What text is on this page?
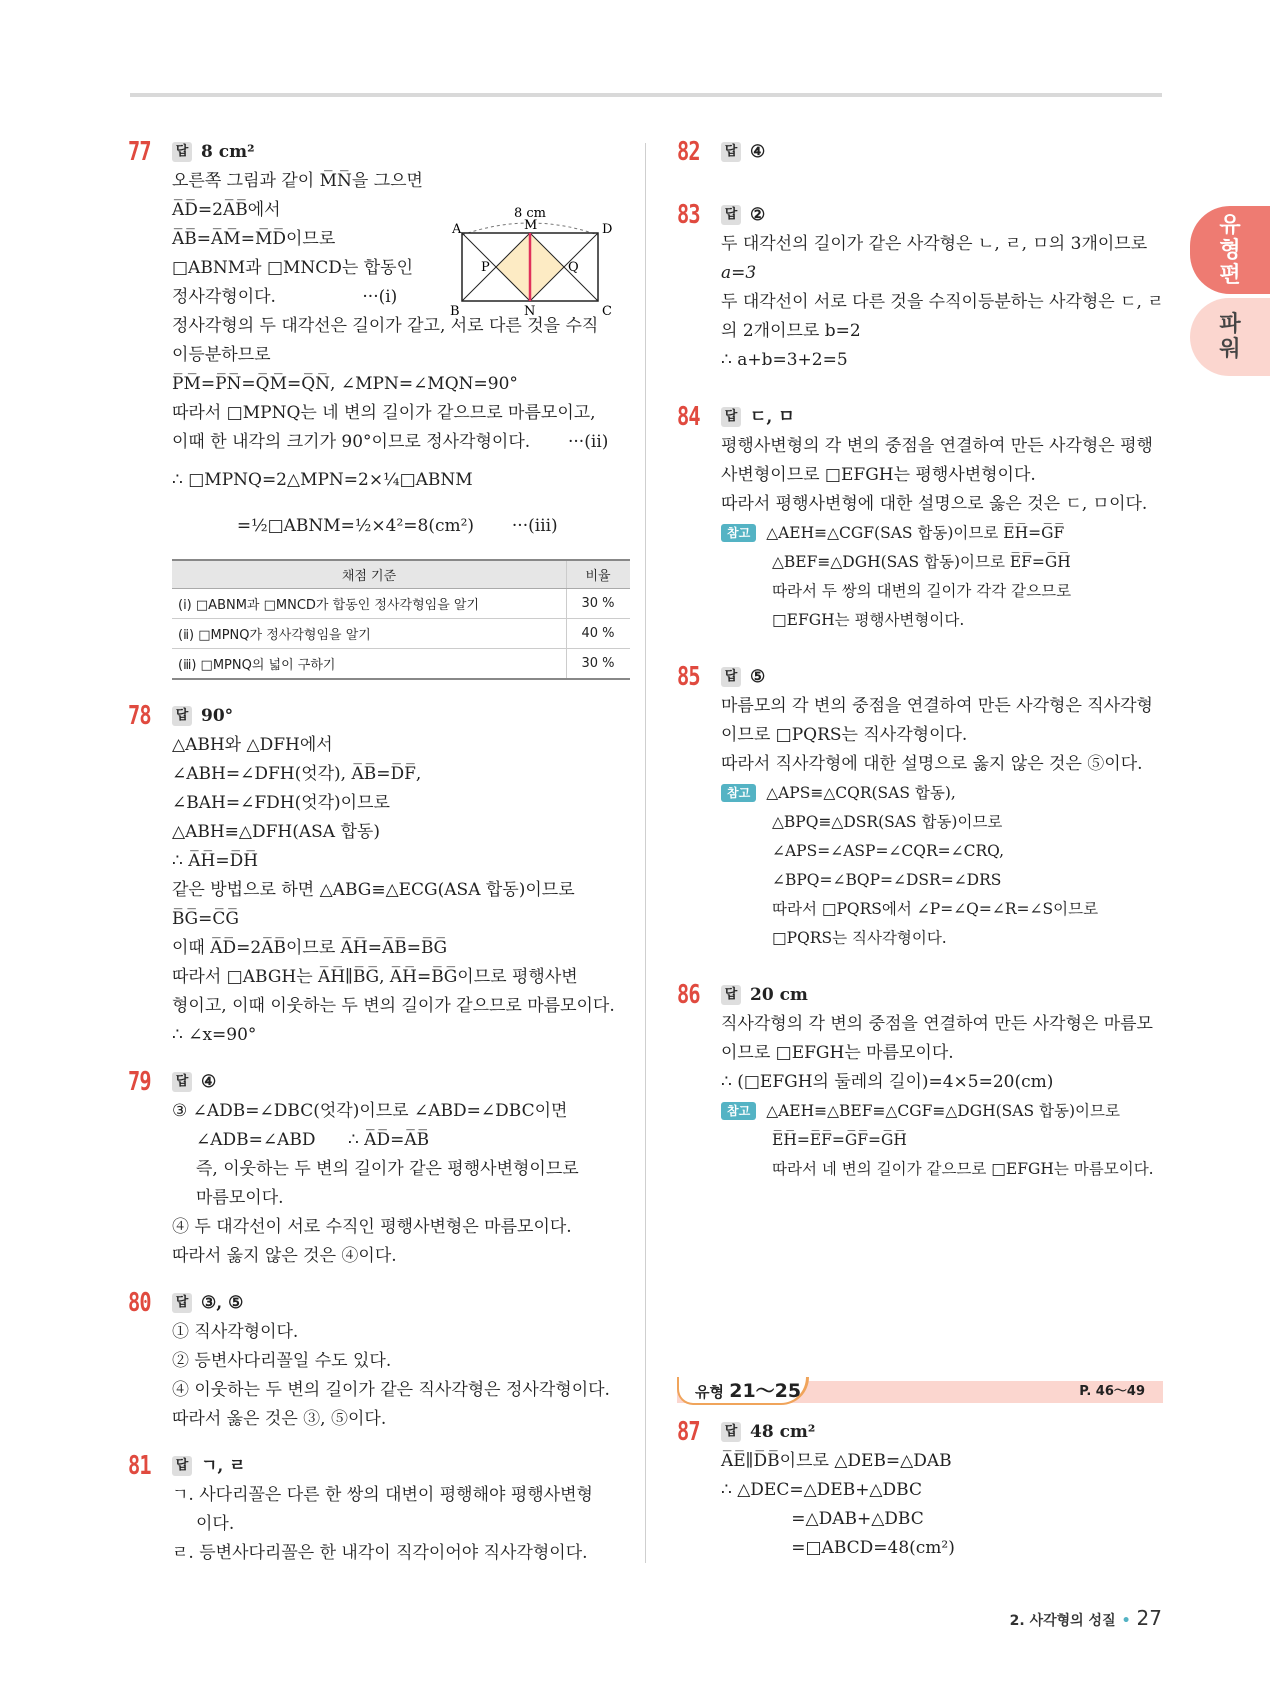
유형편
파워
77 답 8 cm²
8 cm
A	M	D
P	Q
B	N	C
오른쪽 그림과 같이 M̅N̅을 그으면
A̅D̅=2A̅B̅에서
A̅B̅=A̅M̅=M̅D̅이므로
□ABNM과 □MNCD는 합동인
정사각형이다.                ···(ⅰ)
정사각형의 두 대각선은 길이가 같고, 서로 다른 것을 수직
이등분하므로
P̅M̅=P̅N̅=Q̅M̅=Q̅N̅, ∠MPN=∠MQN=90°
따라서 □MPNQ는 네 변의 길이가 같으므로 마름모이고,
이때 한 내각의 크기가 90°이므로 정사각형이다.       ···(ⅱ)
∴ □MPNQ=2△MPN=2×¼□ABNM
=½□ABNM=½×4²=8(cm²)       ···(ⅲ)
채점 기준	비율
(ⅰ) □ABNM과 □MNCD가 합동인 정사각형임을 알기	30 %
(ⅱ) □MPNQ가 정사각형임을 알기	40 %
(ⅲ) □MPNQ의 넓이 구하기	30 %
78 답 90°
△ABH와 △DFH에서
∠ABH=∠DFH(엇각), A̅B̅=D̅F̅,
∠BAH=∠FDH(엇각)이므로
△ABH≡△DFH(ASA 합동)
∴ A̅H̅=D̅H̅
같은 방법으로 하면 △ABG≡△ECG(ASA 합동)이므로
B̅G̅=C̅G̅
이때 A̅D̅=2A̅B̅이므로 A̅H̅=A̅B̅=B̅G̅
따라서 □ABGH는 A̅H̅∥B̅G̅, A̅H̅=B̅G̅이므로 평행사변
형이고, 이때 이웃하는 두 변의 길이가 같으므로 마름모이다.
∴ ∠x=90°
79 답 ④
③ ∠ADB=∠DBC(엇각)이므로 ∠ABD=∠DBC이면
∠ADB=∠ABD      ∴ A̅D̅=A̅B̅
즉, 이웃하는 두 변의 길이가 같은 평행사변형이므로
마름모이다.
④ 두 대각선이 서로 수직인 평행사변형은 마름모이다.
따라서 옳지 않은 것은 ④이다.
80 답 ③, ⑤
① 직사각형이다.
② 등변사다리꼴일 수도 있다.
④ 이웃하는 두 변의 길이가 같은 직사각형은 정사각형이다.
따라서 옳은 것은 ③, ⑤이다.
81 답 ㄱ, ㄹ
ㄱ. 사다리꼴은 다른 한 쌍의 대변이 평행해야 평행사변형
이다.
ㄹ. 등변사다리꼴은 한 내각이 직각이어야 직사각형이다.
82 답 ④
83 답 ②
두 대각선의 길이가 같은 사각형은 ㄴ, ㄹ, ㅁ의 3개이므로
a=3
두 대각선이 서로 다른 것을 수직이등분하는 사각형은 ㄷ, ㄹ
의 2개이므로 b=2
∴ a+b=3+2=5
84 답 ㄷ, ㅁ
평행사변형의 각 변의 중점을 연결하여 만든 사각형은 평행
사변형이므로 □EFGH는 평행사변형이다.
따라서 평행사변형에 대한 설명으로 옳은 것은 ㄷ, ㅁ이다.
참고 △AEH≡△CGF(SAS 합동)이므로 E̅H̅=G̅F̅
△BEF≡△DGH(SAS 합동)이므로 E̅F̅=G̅H̅
따라서 두 쌍의 대변의 길이가 각각 같으므로
□EFGH는 평행사변형이다.
85 답 ⑤
마름모의 각 변의 중점을 연결하여 만든 사각형은 직사각형
이므로 □PQRS는 직사각형이다.
따라서 직사각형에 대한 설명으로 옳지 않은 것은 ⑤이다.
참고 △APS≡△CQR(SAS 합동),
△BPQ≡△DSR(SAS 합동)이므로
∠APS=∠ASP=∠CQR=∠CRQ,
∠BPQ=∠BQP=∠DSR=∠DRS
따라서 □PQRS에서 ∠P=∠Q=∠R=∠S이므로
□PQRS는 직사각형이다.
86 답 20 cm
직사각형의 각 변의 중점을 연결하여 만든 사각형은 마름모
이므로 □EFGH는 마름모이다.
∴ (□EFGH의 둘레의 길이)=4×5=20(cm)
참고 △AEH≡△BEF≡△CGF≡△DGH(SAS 합동)이므로
E̅H̅=E̅F̅=G̅F̅=G̅H̅
따라서 네 변의 길이가 같으므로 □EFGH는 마름모이다.
유형 21～25	P. 46～49
87 답 48 cm²
A̅E̅∥D̅B̅이므로 △DEB=△DAB
∴ △DEC=△DEB+△DBC
=△DAB+△DBC
=□ABCD=48(cm²)
2. 사각형의 성질 • 27
